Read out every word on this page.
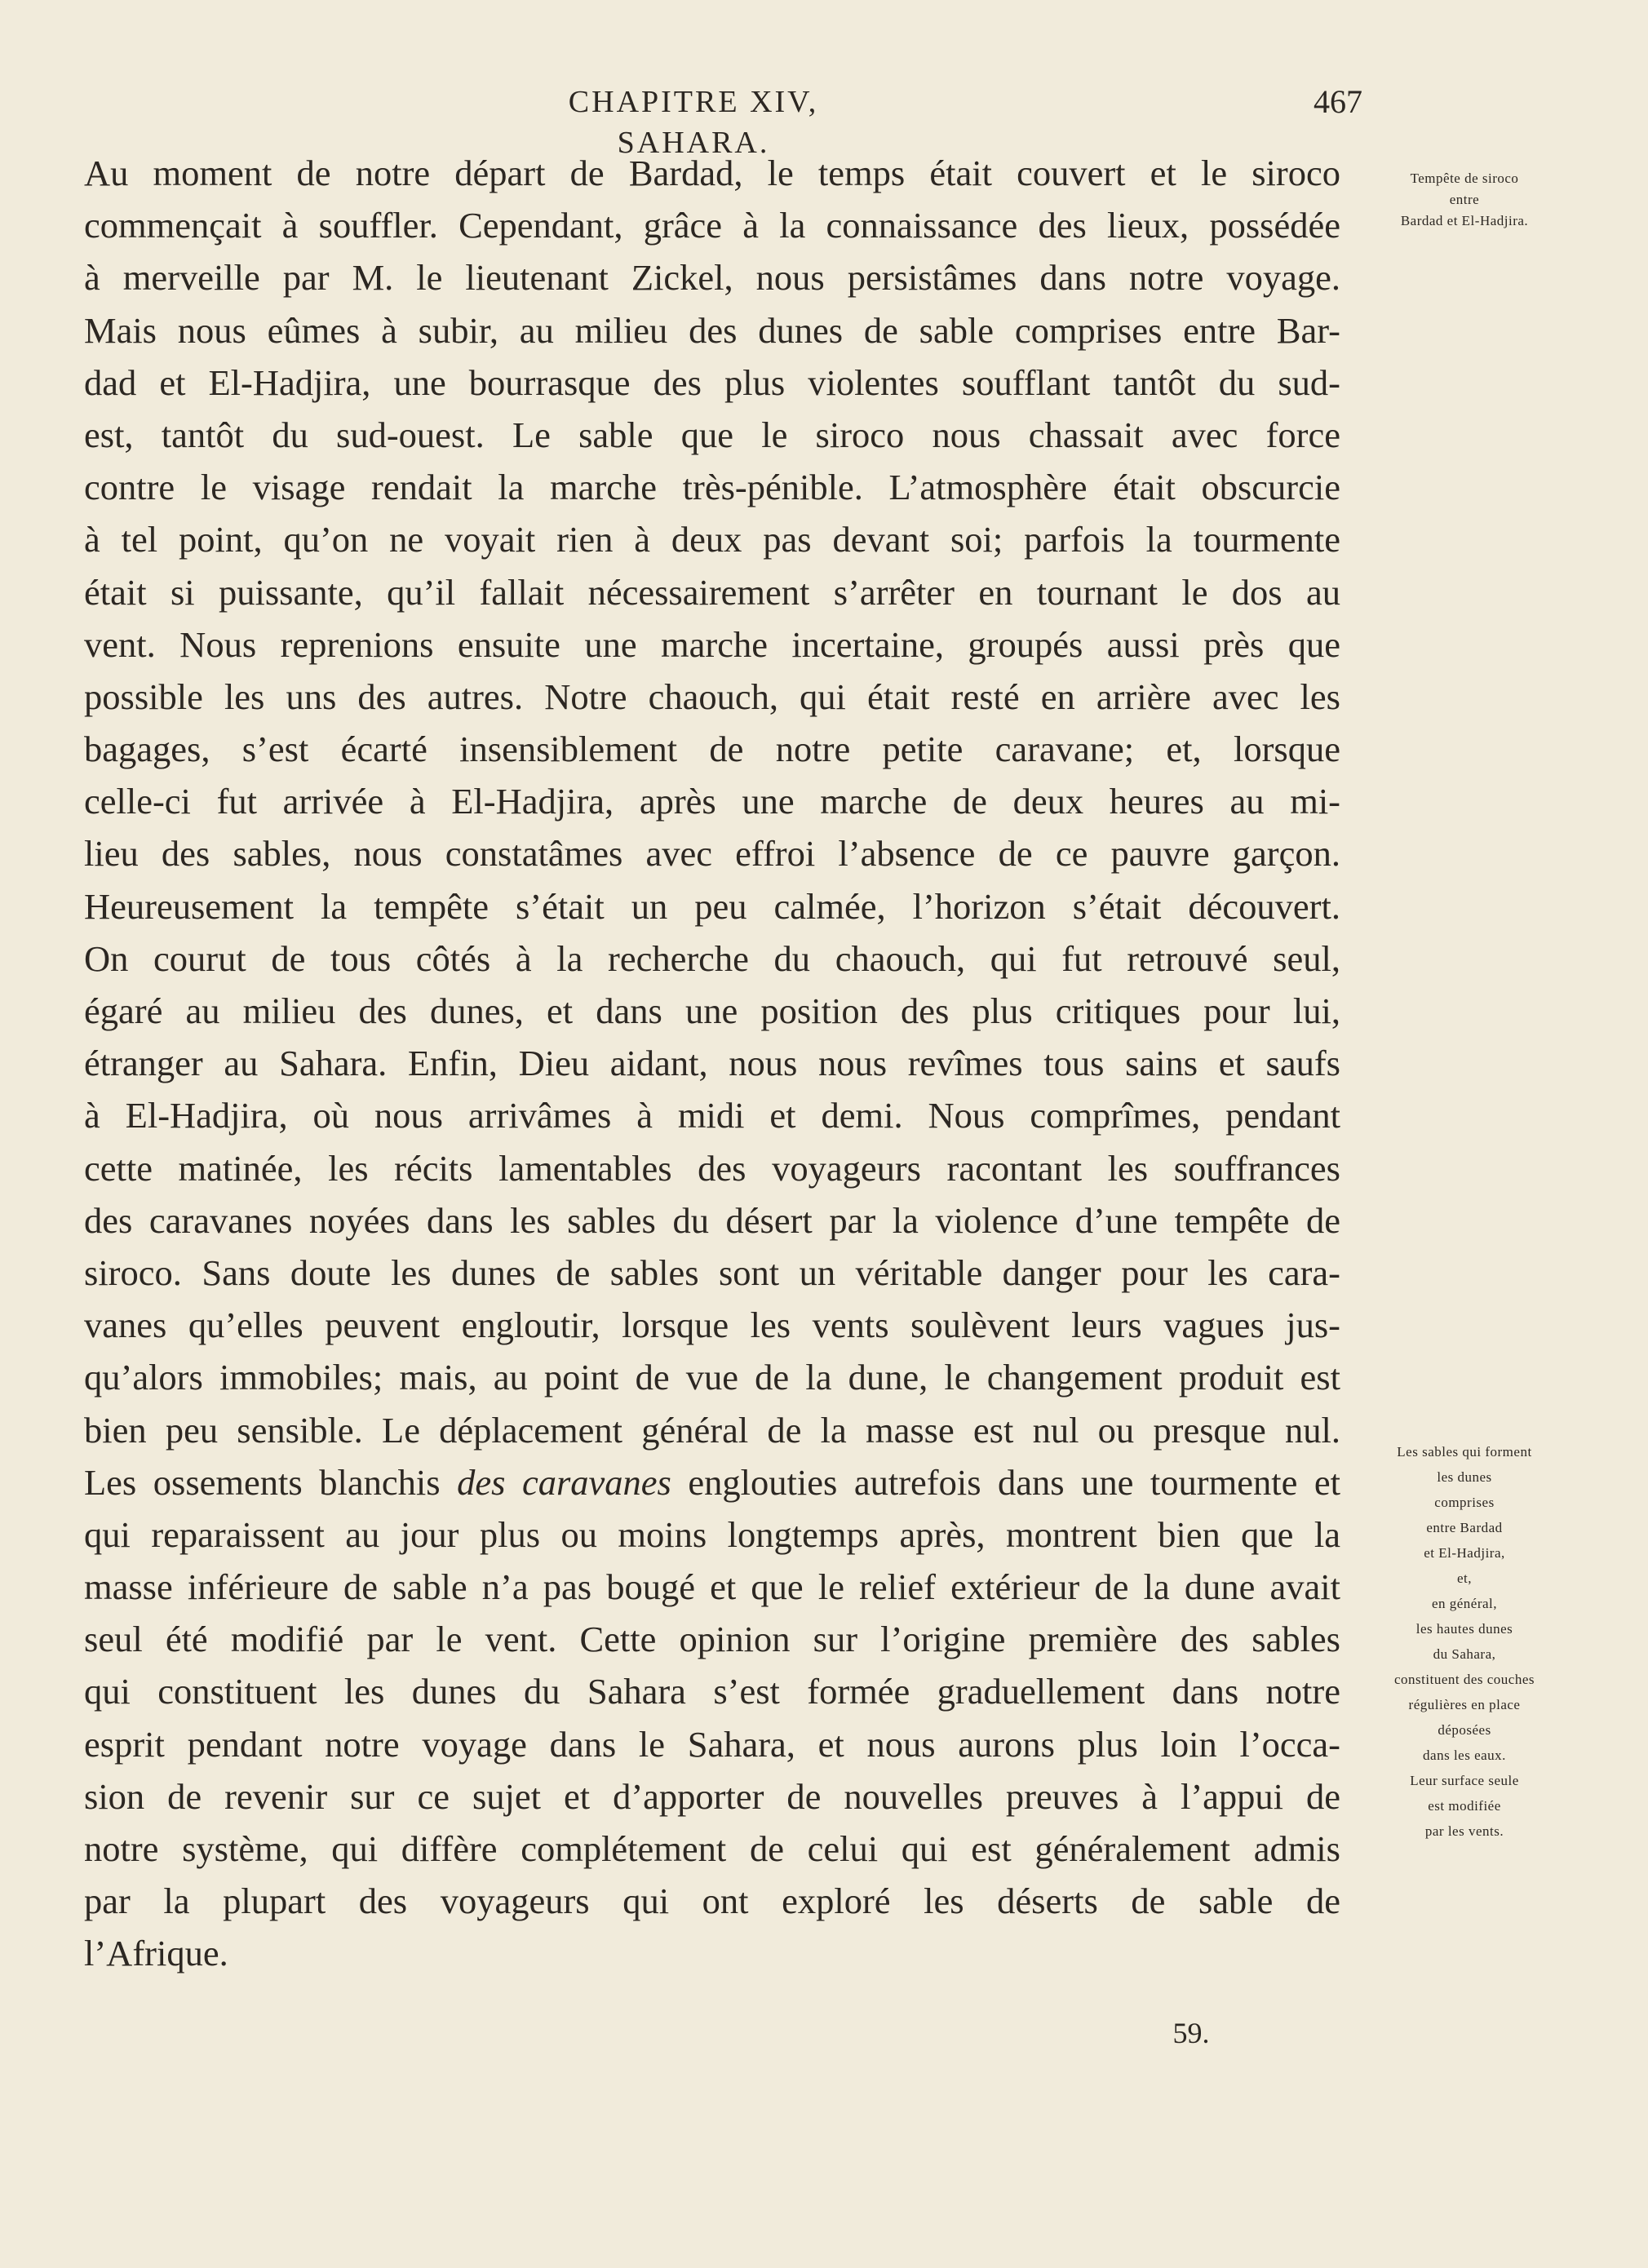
CHAPITRE XIV, SAHARA.
467

Au moment de notre départ de Bardad, le temps était couvert et le siroco
commençait à souffler. Cependant, grâce à la connaissance des lieux, possédée
à merveille par M. le lieutenant Zickel, nous persistâmes dans notre voyage.
Mais nous eûmes à subir, au milieu des dunes de sable comprises entre Bar-
dad et El-Hadjira, une bourrasque des plus violentes soufflant tantôt du sud-
est, tantôt du sud-ouest. Le sable que le siroco nous chassait avec force
contre le visage rendait la marche très-pénible. L’atmosphère était obscurcie
à tel point, qu’on ne voyait rien à deux pas devant soi; parfois la tourmente
était si puissante, qu’il fallait nécessairement s’arrêter en tournant le dos au
vent. Nous reprenions ensuite une marche incertaine, groupés aussi près que
possible les uns des autres. Notre chaouch, qui était resté en arrière avec les
bagages, s’est écarté insensiblement de notre petite caravane; et, lorsque
celle-ci fut arrivée à El-Hadjira, après une marche de deux heures au mi-
lieu des sables, nous constatâmes avec effroi l’absence de ce pauvre garçon.
Heureusement la tempête s’était un peu calmée, l’horizon s’était découvert.
On courut de tous côtés à la recherche du chaouch, qui fut retrouvé seul,
égaré au milieu des dunes, et dans une position des plus critiques pour lui,
étranger au Sahara. Enfin, Dieu aidant, nous nous revîmes tous sains et saufs
à El-Hadjira, où nous arrivâmes à midi et demi. Nous comprîmes, pendant
cette matinée, les récits lamentables des voyageurs racontant les souffrances
des caravanes noyées dans les sables du désert par la violence d’une tempête de
siroco. Sans doute les dunes de sables sont un véritable danger pour les cara-
vanes qu’elles peuvent engloutir, lorsque les vents soulèvent leurs vagues jus-
qu’alors immobiles; mais, au point de vue de la dune, le changement produit est
bien peu sensible. Le déplacement général de la masse est nul ou presque nul.
Les ossements blanchis des caravanes englouties autrefois dans une tourmente et
qui reparaissent au jour plus ou moins longtemps après, montrent bien que la
masse inférieure de sable n’a pas bougé et que le relief extérieur de la dune avait
seul été modifié par le vent. Cette opinion sur l’origine première des sables
qui constituent les dunes du Sahara s’est formée graduellement dans notre
esprit pendant notre voyage dans le Sahara, et nous aurons plus loin l’occa-
sion de revenir sur ce sujet et d’apporter de nouvelles preuves à l’appui de
notre système, qui diffère complétement de celui qui est généralement admis
par la plupart des voyageurs qui ont exploré les déserts de sable de
l’Afrique.

Tempête de siroco
entre
Bardad et El-Hadjira.
Les sables qui forment
les dunes
comprises
entre Bardad
et El-Hadjira,
et,
en général,
les hautes dunes
du Sahara,
constituent des couches
régulières en place
déposées
dans les eaux.
Leur surface seule
est modifiée
par les vents.
59.
